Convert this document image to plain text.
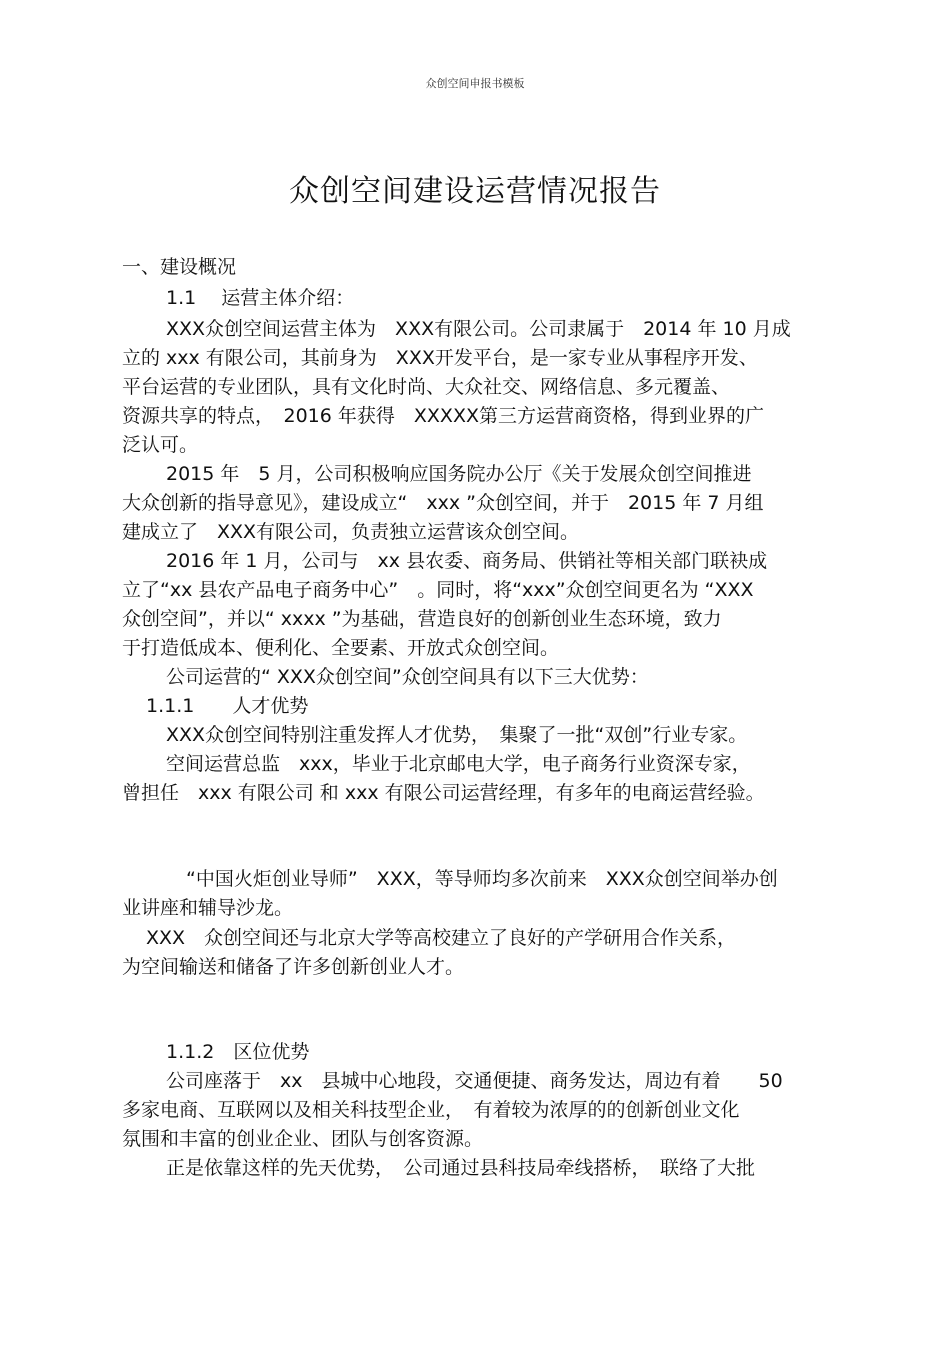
众创空间申报书模板
众创空间建设运营情况报告
一、建设概况
1.1　 运营主体介绍：
XXX众创空间运营主体为　XXX有限公司。公司隶属于　2014 年 10 月成
立的 xxx 有限公司，其前身为　XXX开发平台，是一家专业从事程序开发、
平台运营的专业团队，具有文化时尚、大众社交、网络信息、多元覆盖、
资源共享的特点，　2016 年获得　XXXXX第三方运营商资格，得到业界的广
泛认可。
2015 年　5 月，公司积极响应国务院办公厅《关于发展众创空间推进
大众创新的指导意见》，建设成立“　xxx ”众创空间，并于　2015 年 7 月组
建成立了　XXX有限公司，负责独立运营该众创空间。
2016 年 1 月，公司与　xx 县农委、商务局、供销社等相关部门联袂成
立了“xx 县农产品电子商务中心”　。同时，将“xxx”众创空间更名为 “XXX
众创空间”，并以“ xxxx ”为基础，营造良好的创新创业生态环境，致力
于打造低成本、便利化、全要素、开放式众创空间。
公司运营的“ XXX众创空间”众创空间具有以下三大优势：
1.1.1　　人才优势
XXX众创空间特别注重发挥人才优势，　集聚了一批“双创”行业专家。
空间运营总监　xxx，毕业于北京邮电大学，电子商务行业资深专家，
曾担任　xxx 有限公司 和 xxx 有限公司运营经理，有多年的电商运营经验。
“中国火炬创业导师”　XXX，等导师均多次前来　XXX众创空间举办创
业讲座和辅导沙龙。
XXX　众创空间还与北京大学等高校建立了良好的产学研用合作关系，
为空间输送和储备了许多创新创业人才。
1.1.2　区位优势
公司座落于　xx　县城中心地段，交通便捷、商务发达，周边有着　　50
多家电商、互联网以及相关科技型企业，　有着较为浓厚的的创新创业文化
氛围和丰富的创业企业、团队与创客资源。
正是依靠这样的先天优势，　公司通过县科技局牵线搭桥，　联络了大批
